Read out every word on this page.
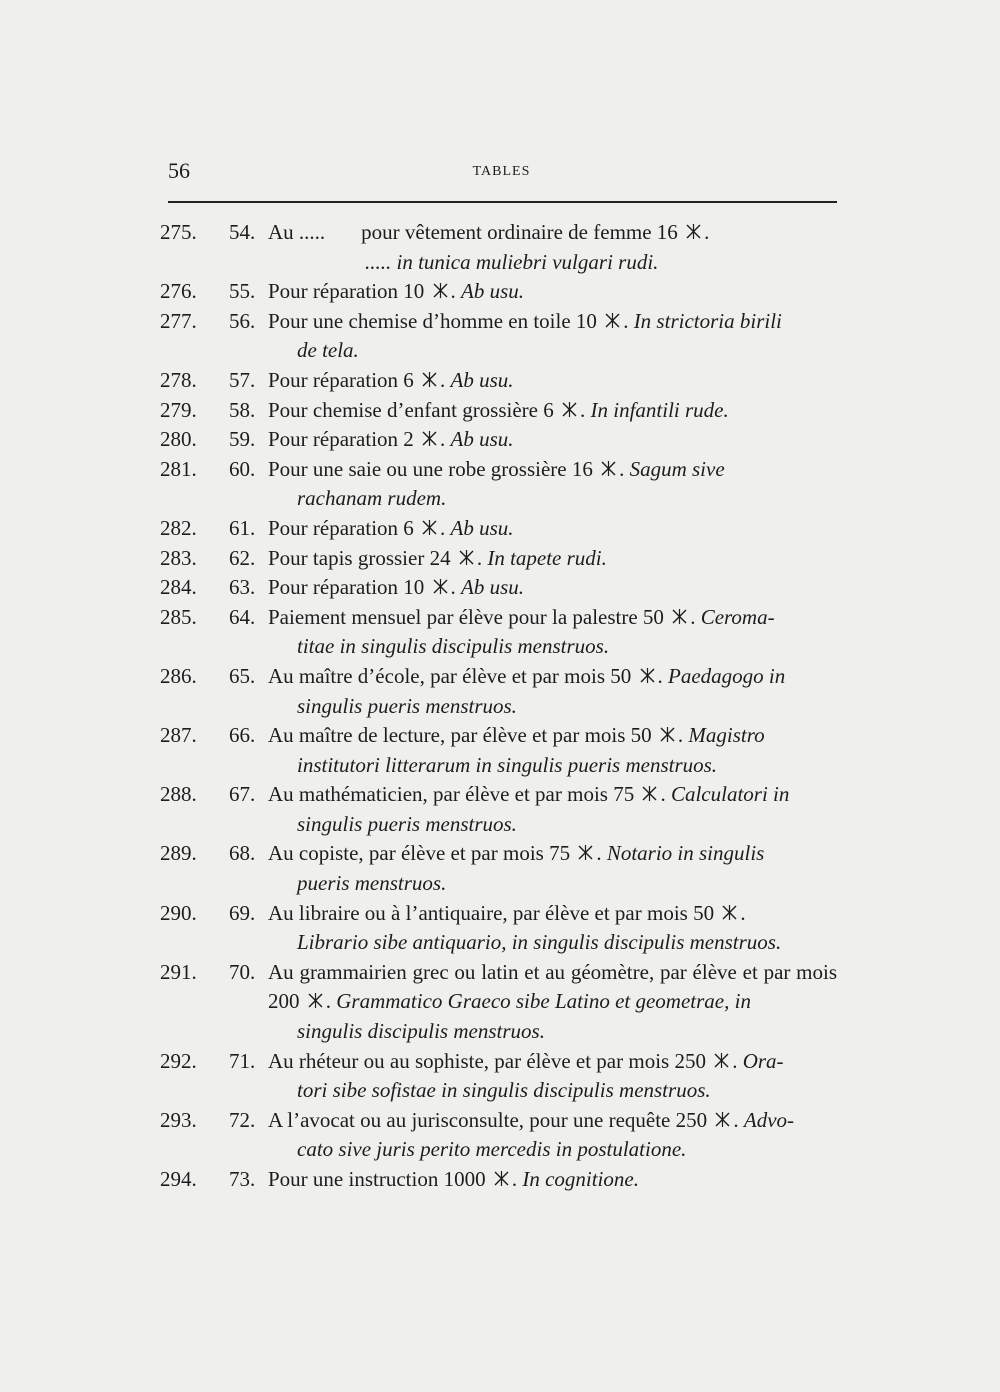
56	TABLES
275. 54. Au ..... pour vêtement ordinaire de femme 16 .
..... in tunica muliebri vulgari rudi.
276. 55. Pour réparation 10 . Ab usu.
277. 56. Pour une chemise d’homme en toile 10 . In strictoria birili
de tela.
278. 57. Pour réparation 6 . Ab usu.
279. 58. Pour chemise d’enfant grossière 6 . In infantili rude.
280. 59. Pour réparation 2 . Ab usu.
281. 60. Pour une saie ou une robe grossière 16 . Sagum sive
rachanam rudem.
282. 61. Pour réparation 6 . Ab usu.
283. 62. Pour tapis grossier 24 . In tapete rudi.
284. 63. Pour réparation 10 . Ab usu.
285. 64. Paiement mensuel par élève pour la palestre 50 . Ceroma-
titae in singulis discipulis menstruos.
286. 65. Au maître d’école, par élève et par mois 50 . Paedagogo in
singulis pueris menstruos.
287. 66. Au maître de lecture, par élève et par mois 50 . Magistro
institutori litterarum in singulis pueris menstruos.
288. 67. Au mathématicien, par élève et par mois 75 . Calculatori in
singulis pueris menstruos.
289. 68. Au copiste, par élève et par mois 75 . Notario in singulis
pueris menstruos.
290. 69. Au libraire ou à l’antiquaire, par élève et par mois 50 .
Librario sibe antiquario, in singulis discipulis menstruos.
291. 70. Au grammairien grec ou latin et au géomètre, par élève et par mois 200 . Grammatico Graeco sibe Latino et geometrae, in
singulis discipulis menstruos.
292. 71. Au rhéteur ou au sophiste, par élève et par mois 250 . Ora-
tori sibe sofistae in singulis discipulis menstruos.
293. 72. A l’avocat ou au jurisconsulte, pour une requête 250 . Advo-
cato sive juris perito mercedis in postulatione.
294. 73. Pour une instruction 1000 . In cognitione.
